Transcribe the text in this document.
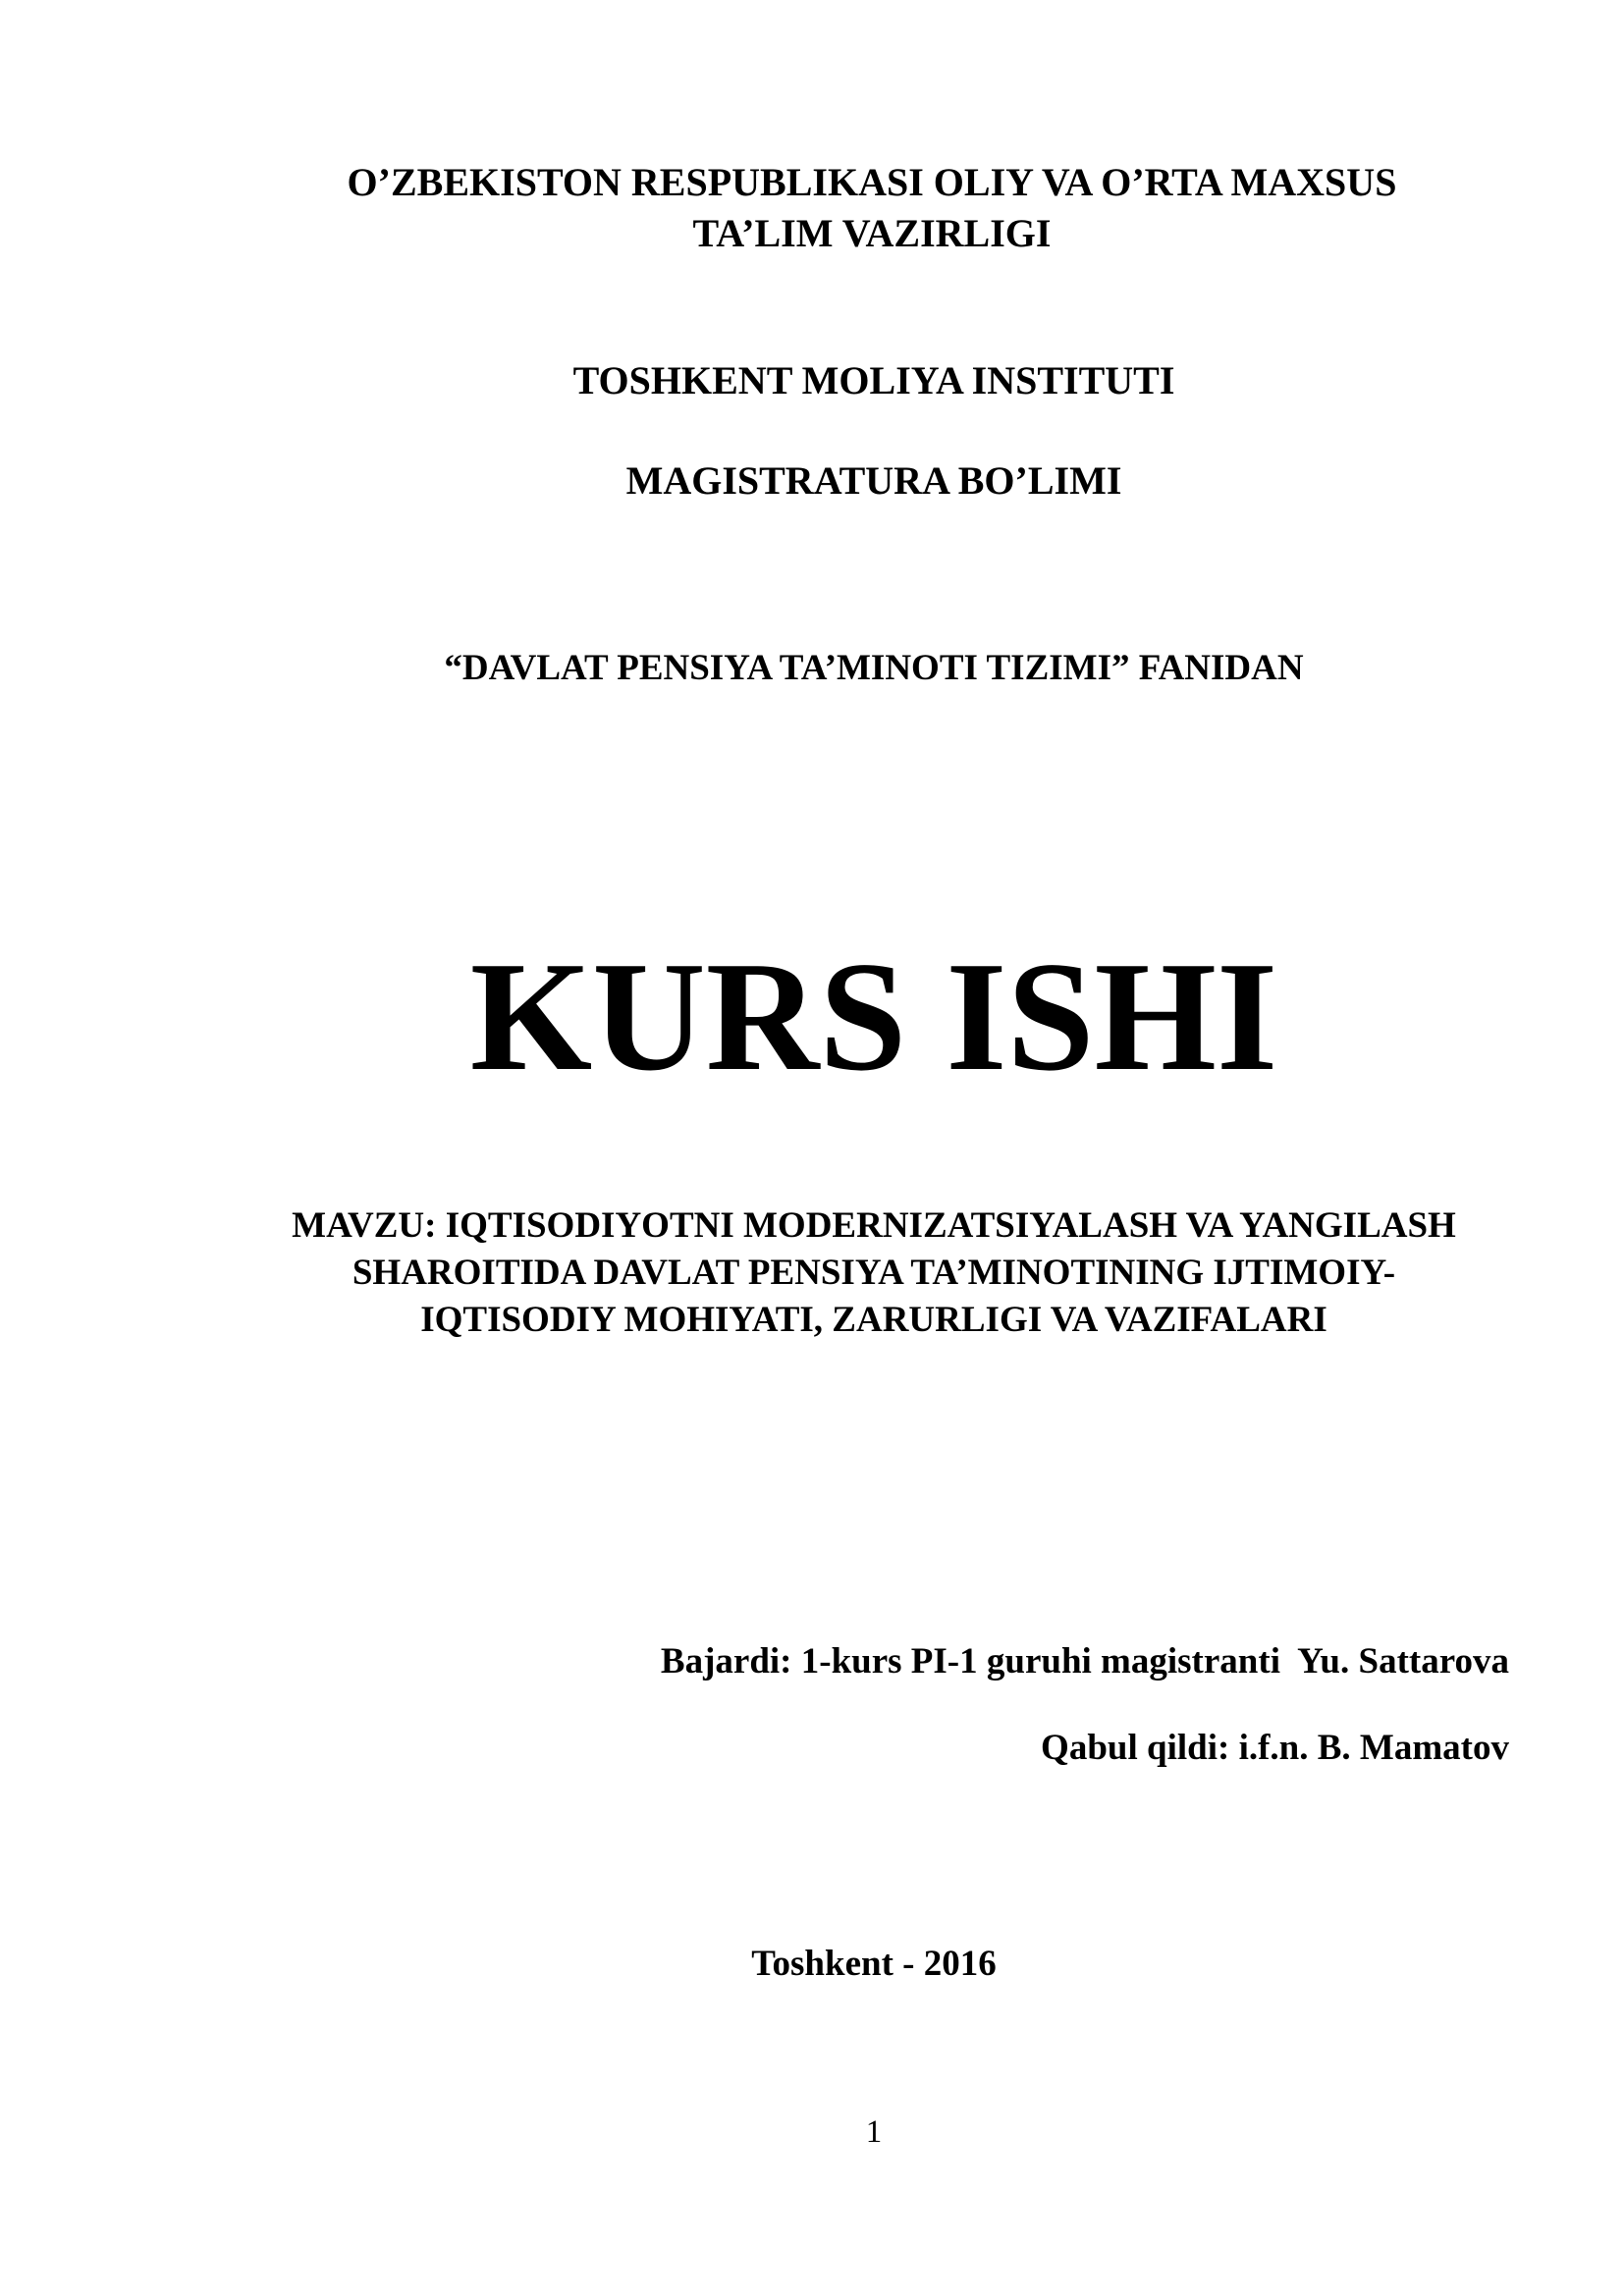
O’ZBEKISTON RESPUBLIKASI OLIY VA O’RTA MAXSUS
TA’LIM VAZIRLIGI
TOSHKENT MOLIYA INSTITUTI
MAGISTRATURA BO’LIMI
“DAVLAT PENSIYA TA’MINOTI TIZIMI” FANIDAN
KURS ISHI
MAVZU: IQTISODIYOTNI MODERNIZATSIYALASH VA YANGILASH
SHAROITIDA DAVLAT PENSIYA TA’MINOTINING IJTIMOIY-
IQTISODIY MOHIYATI, ZARURLIGI VA VAZIFALARI
Bajardi: 1-kurs PI-1 guruhi magistranti  Yu. Sattarova
Qabul qildi: i.f.n. B. Mamatov
Toshkent - 2016
1
